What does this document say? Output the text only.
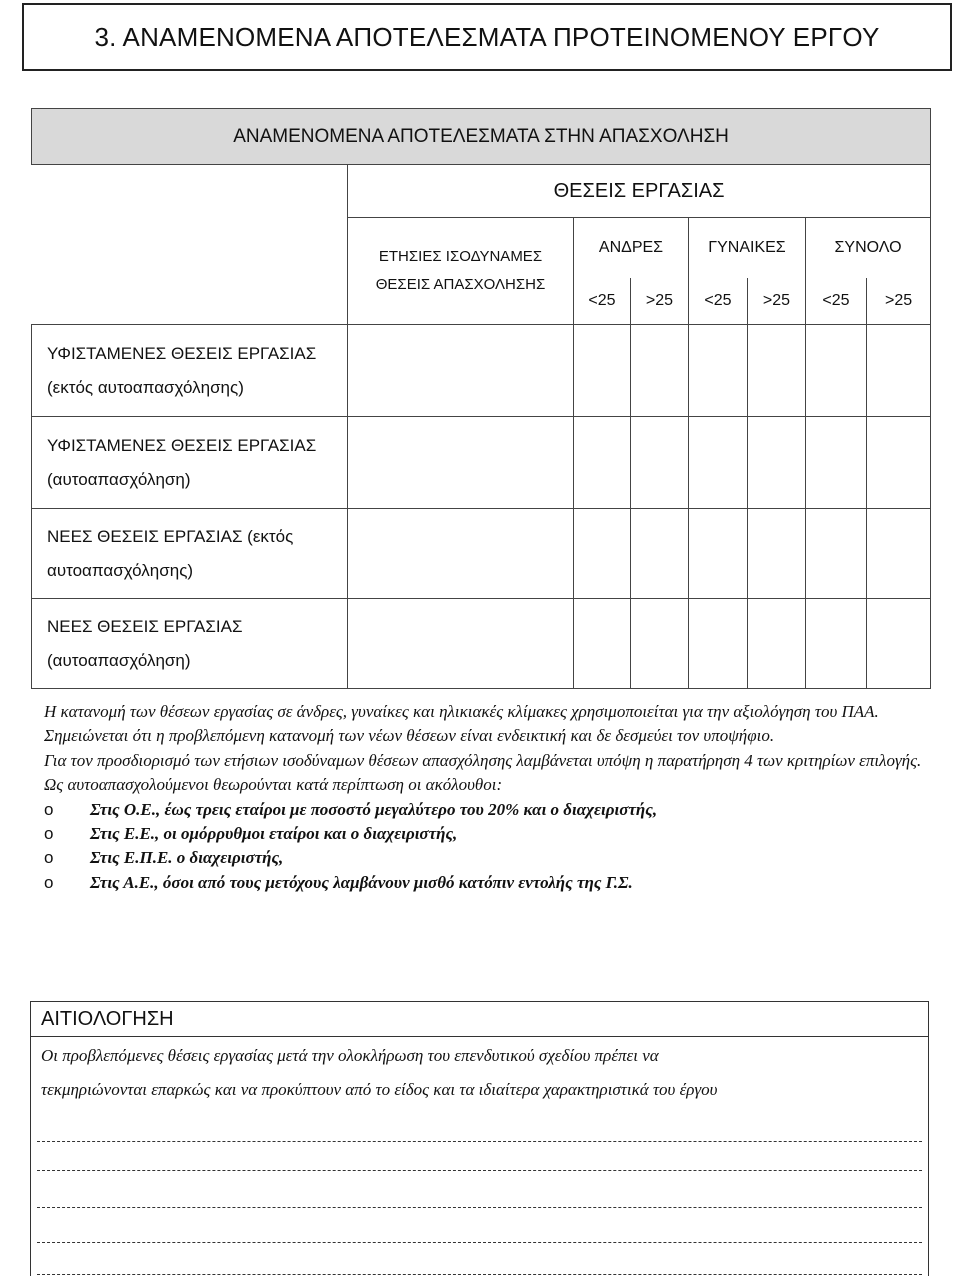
3. ΑΝΑΜΕΝΟΜΕΝΑ ΑΠΟΤΕΛΕΣΜΑΤΑ ΠΡΟΤΕΙΝΟΜΕΝΟΥ ΕΡΓΟΥ
ΑΝΑΜΕΝΟΜΕΝΑ ΑΠΟΤΕΛΕΣΜΑΤΑ ΣΤΗΝ ΑΠΑΣΧΟΛΗΣΗ							
	ΘΕΣΕΙΣ ΕΡΓΑΣΙΑΣ						

	ΕΤΗΣΙΕΣ ΙΣΟΔΥΝΑΜΕΣ
ΘΕΣΕΙΣ ΑΠΑΣΧΟΛΗΣΗΣ	ΑΝΔΡΕΣ		ΓΥΝΑΙΚΕΣ		ΣΥΝΟΛΟ	
		<25	>25	<25	>25	<25	>25

ΥΦΙΣΤΑΜΕΝΕΣ ΘΕΣΕΙΣ ΕΡΓΑΣΙΑΣ
(εκτός αυτοαπασχόλησης)							

ΥΦΙΣΤΑΜΕΝΕΣ ΘΕΣΕΙΣ ΕΡΓΑΣΙΑΣ
(αυτοαπασχόληση)							

ΝΕΕΣ ΘΕΣΕΙΣ ΕΡΓΑΣΙΑΣ (εκτός
αυτοαπασχόλησης)							

ΝΕΕΣ ΘΕΣΕΙΣ ΕΡΓΑΣΙΑΣ
(αυτοαπασχόληση)							

Η κατανομή των θέσεων εργασίας σε άνδρες, γυναίκες και ηλικιακές κλίμακες χρησιμοποιείται για την αξιολόγηση του ΠΑΑ. Σημειώνεται ότι η προβλεπόμενη κατανομή των νέων θέσεων είναι ενδεικτική και δε δεσμεύει τον υποψήφιο.

Για τον προσδιορισμό των ετήσιων ισοδύναμων θέσεων απασχόλησης λαμβάνεται υπόψη η παρατήρηση 4 των κριτηρίων επιλογής.

Ως αυτοαπασχολούμενοι θεωρούνται κατά περίπτωση οι ακόλουθοι:

o Στις Ο.Ε., έως τρεις εταίροι με ποσοστό μεγαλύτερο του 20% και ο διαχειριστής,
o Στις Ε.Ε., οι ομόρρυθμοι εταίροι και ο διαχειριστής,
o Στις Ε.Π.Ε. ο διαχειριστής,
o Στις Α.Ε., όσοι από τους μετόχους λαμβάνουν μισθό κατόπιν εντολής της Γ.Σ.
ΑΙΤΙΟΛΟΓΗΣΗ
Οι προβλεπόμενες θέσεις εργασίας μετά την ολοκλήρωση του επενδυτικού σχεδίου πρέπει να
τεκμηριώνονται επαρκώς και να προκύπτουν από το είδος και τα ιδιαίτερα χαρακτηριστικά του έργου
